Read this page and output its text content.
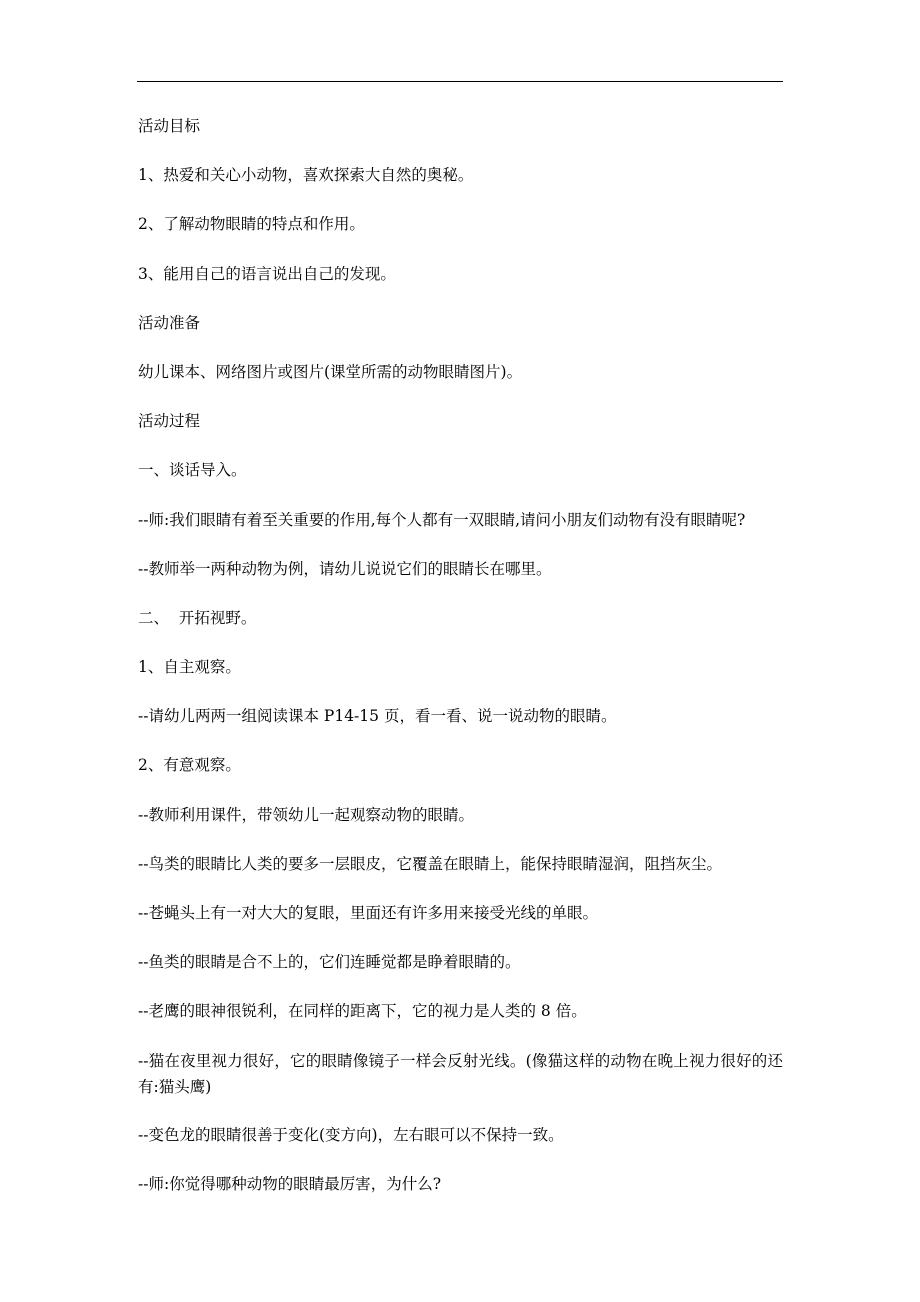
活动目标

1、热爱和关心小动物，喜欢探索大自然的奥秘。

2、了解动物眼睛的特点和作用。

3、能用自己的语言说出自己的发现。

活动准备

幼儿课本、网络图片或图片(课堂所需的动物眼睛图片)。

活动过程

一、谈话导入。

--师:我们眼睛有着至关重要的作用,每个人都有一双眼睛,请问小朋友们动物有没有眼睛呢?

--教师举一两种动物为例，请幼儿说说它们的眼睛长在哪里。

二、  开拓视野。

1、自主观察。

--请幼儿两两一组阅读课本 P14-15 页，看一看、说一说动物的眼睛。

2、有意观察。

--教师利用课件，带领幼儿一起观察动物的眼睛。

--鸟类的眼睛比人类的要多一层眼皮，它覆盖在眼睛上，能保持眼睛湿润，阻挡灰尘。

--苍蝇头上有一对大大的复眼，里面还有许多用来接受光线的单眼。

--鱼类的眼睛是合不上的，它们连睡觉都是睁着眼睛的。

--老鹰的眼神很锐利，在同样的距离下，它的视力是人类的 8 倍。

--猫在夜里视力很好，它的眼睛像镜子一样会反射光线。(像猫这样的动物在晚上视力很好的还有:猫头鹰)

--变色龙的眼睛很善于变化(变方向)，左右眼可以不保持一致。

--师:你觉得哪种动物的眼睛最厉害，为什么?
